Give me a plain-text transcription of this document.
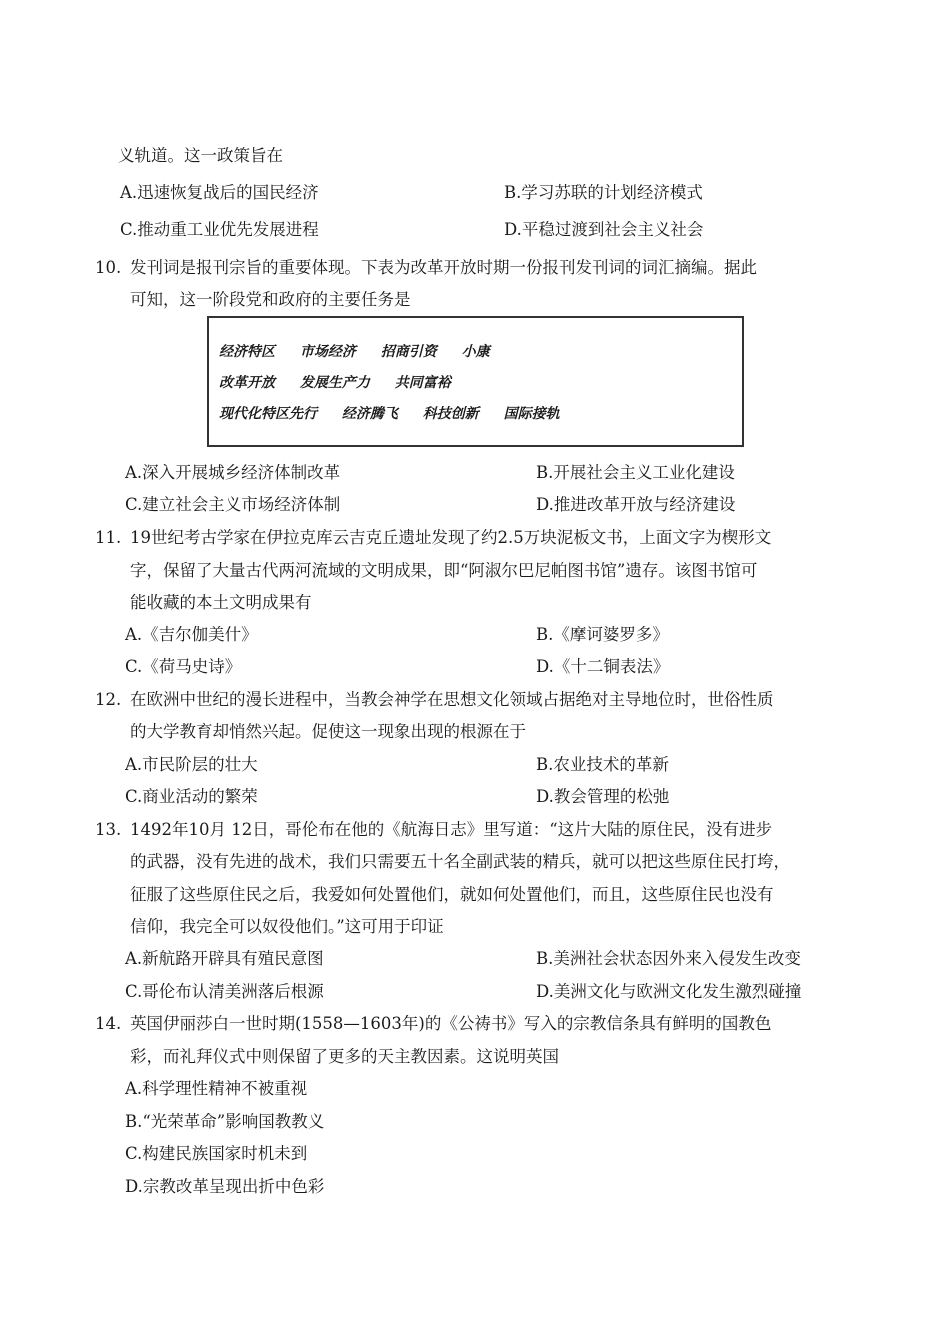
义轨道。这一政策旨在
A.迅速恢复战后的国民经济	B.学习苏联的计划经济模式
C.推动重工业优先发展进程	D.平稳过渡到社会主义社会
10. 发刊词是报刊宗旨的重要体现。下表为改革开放时期一份报刊发刊词的词汇摘编。据此
可知，这一阶段党和政府的主要任务是
经济特区 市场经济 招商引资 小康
改革开放 发展生产力 共同富裕
现代化特区先行 经济腾飞 科技创新 国际接轨
A.深入开展城乡经济体制改革	B.开展社会主义工业化建设
C.建立社会主义市场经济体制	D.推进改革开放与经济建设
11. 19世纪考古学家在伊拉克库云吉克丘遗址发现了约2.5万块泥板文书，上面文字为楔形文
字，保留了大量古代两河流域的文明成果，即“阿淑尔巴尼帕图书馆”遗存。该图书馆可
能收藏的本土文明成果有
A.《吉尔伽美什》	B.《摩诃婆罗多》
C.《荷马史诗》	D.《十二铜表法》
12. 在欧洲中世纪的漫长进程中，当教会神学在思想文化领域占据绝对主导地位时，世俗性质
的大学教育却悄然兴起。促使这一现象出现的根源在于
A.市民阶层的壮大	B.农业技术的革新
C.商业活动的繁荣	D.教会管理的松弛
13. 1492年10月 12日，哥伦布在他的《航海日志》里写道：“这片大陆的原住民，没有进步
的武器，没有先进的战术，我们只需要五十名全副武装的精兵，就可以把这些原住民打垮，
征服了这些原住民之后，我爱如何处置他们，就如何处置他们，而且，这些原住民也没有
信仰，我完全可以奴役他们。”这可用于印证
A.新航路开辟具有殖民意图	B.美洲社会状态因外来入侵发生改变
C.哥伦布认清美洲落后根源	D.美洲文化与欧洲文化发生激烈碰撞
14. 英国伊丽莎白一世时期(1558—1603年)的《公祷书》写入的宗教信条具有鲜明的国教色
彩，而礼拜仪式中则保留了更多的天主教因素。这说明英国
A.科学理性精神不被重视
B.“光荣革命”影响国教教义
C.构建民族国家时机未到
D.宗教改革呈现出折中色彩
